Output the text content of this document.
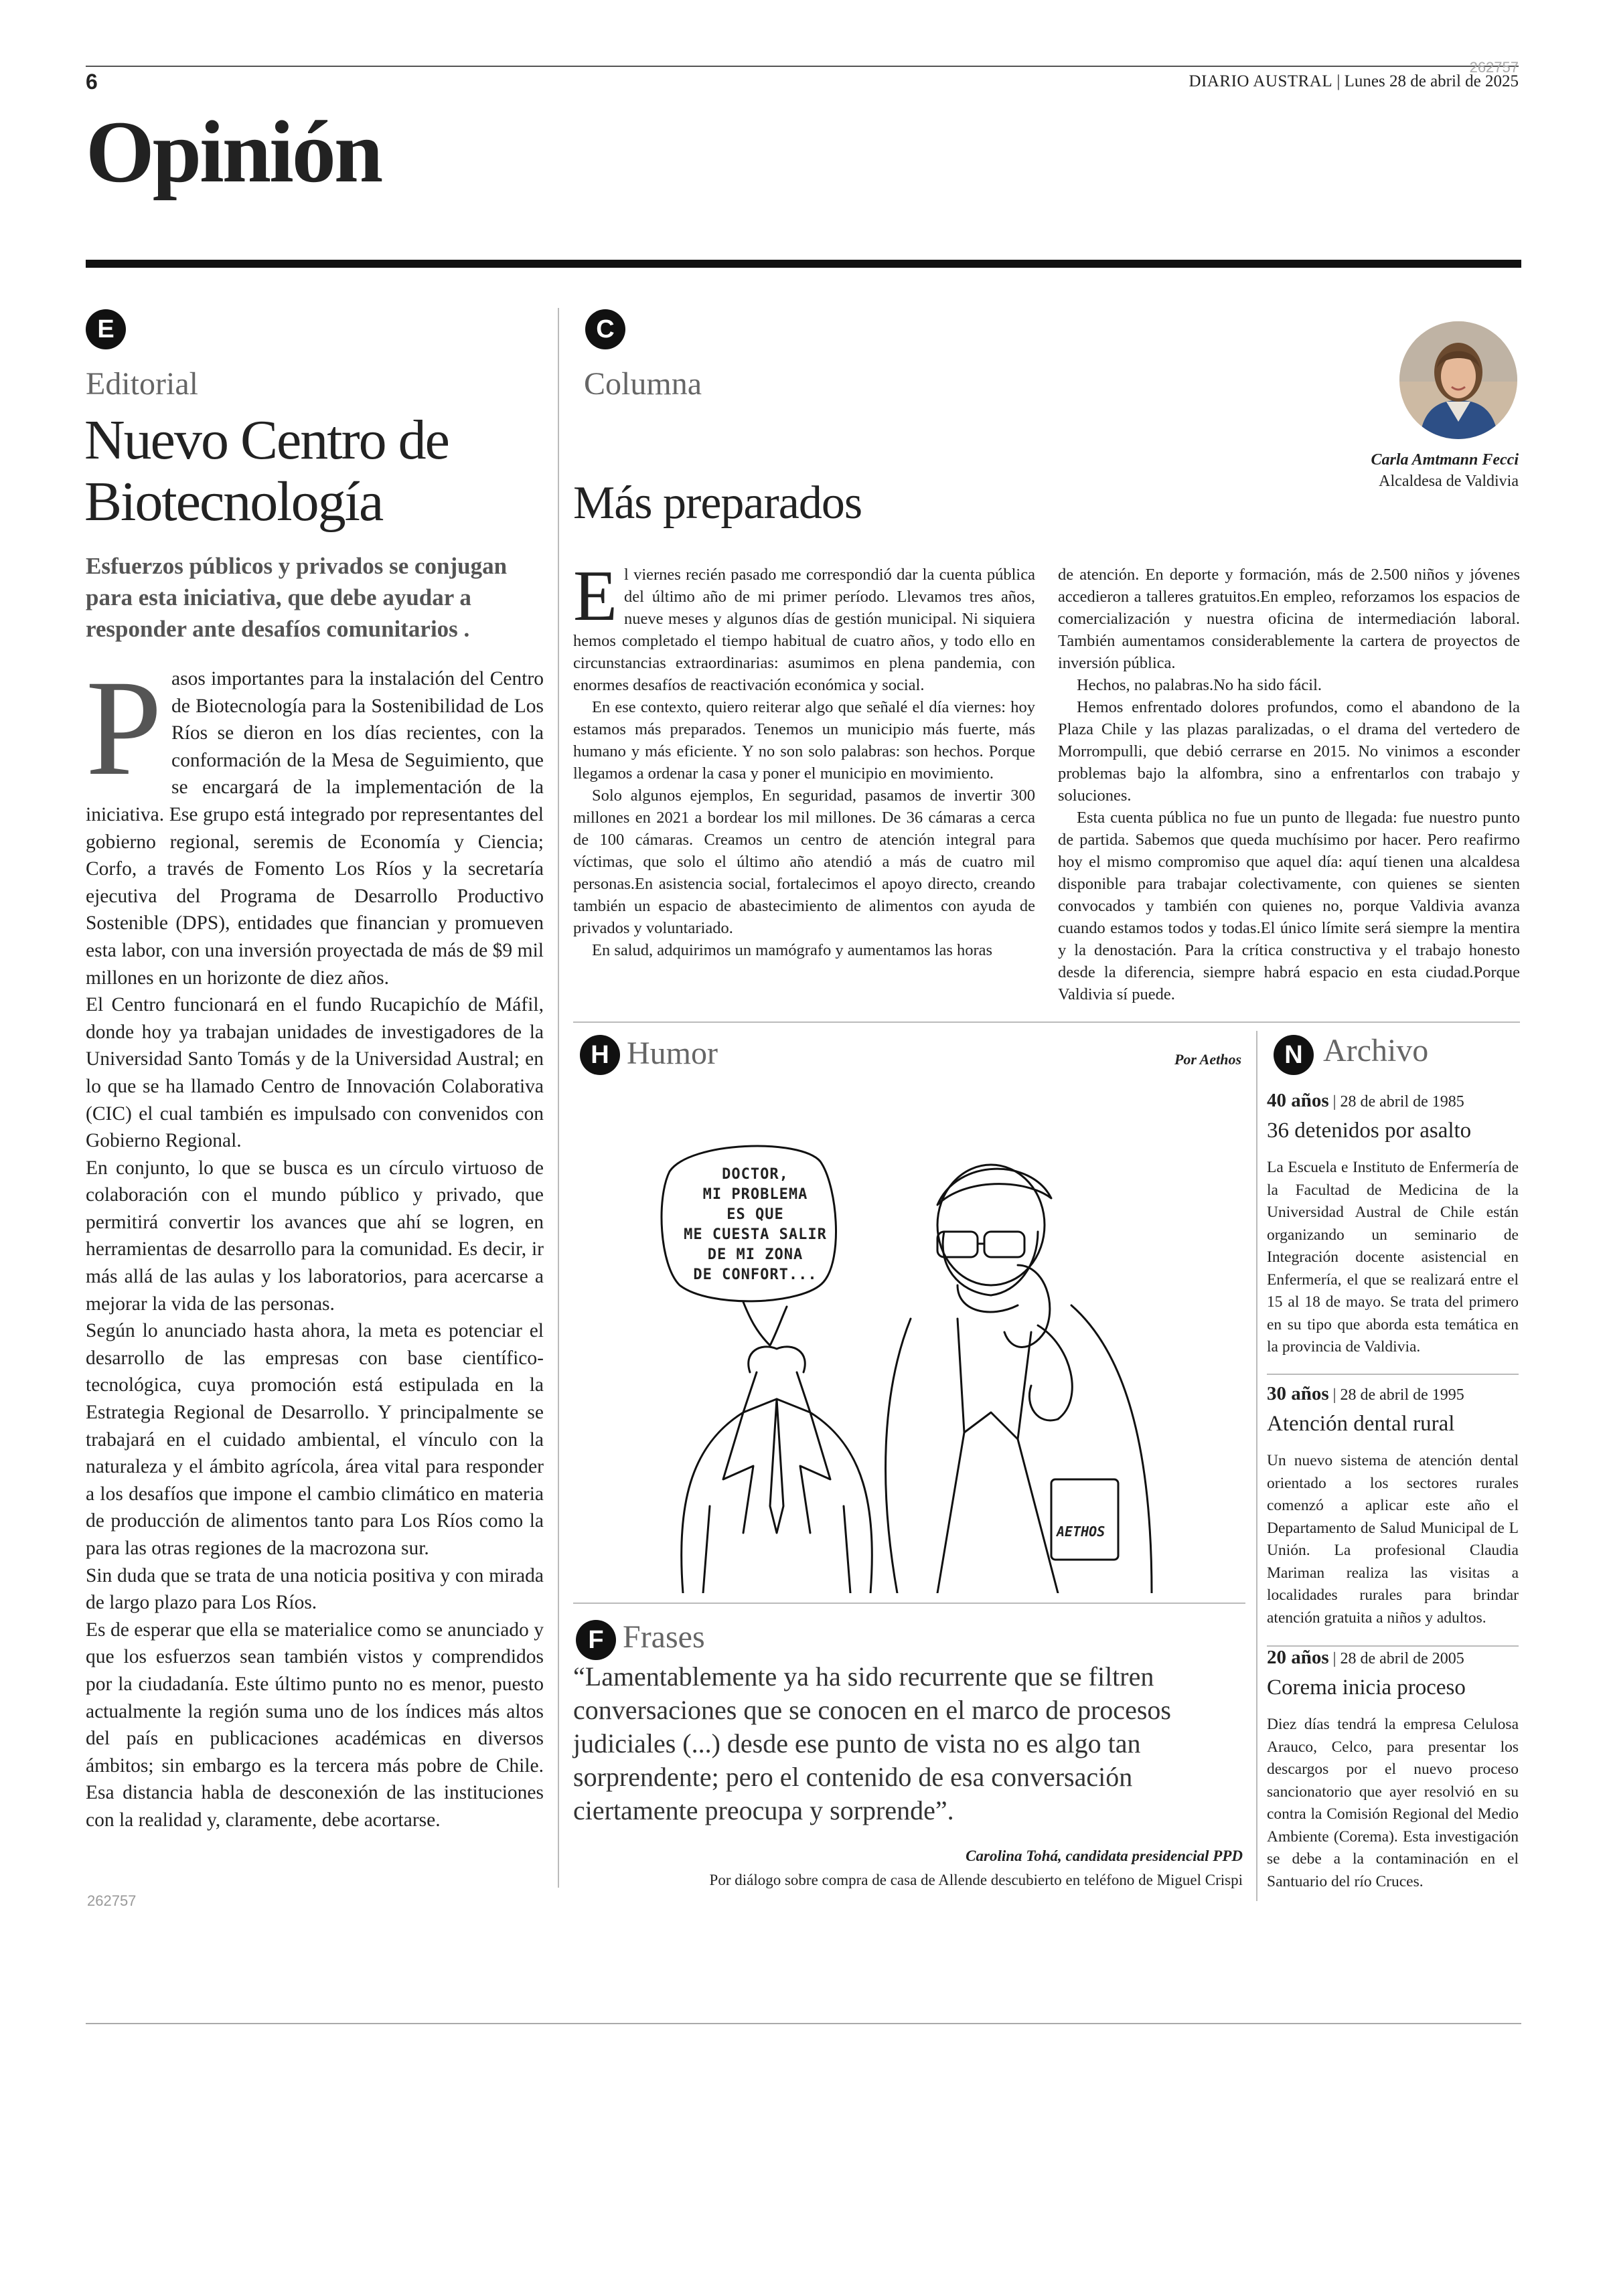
6
262757
DIARIO AUSTRAL | Lunes 28 de abril de 2025
Opinión
E
Editorial
Nuevo Centro de
Biotecnología
Esfuerzos públicos y privados se conjugan para esta iniciativa, que debe ayudar a responder ante desafíos comunitarios .

Pasos importantes para la instalación del Centro de Biotecnología para la Sostenibilidad de Los Ríos se dieron en los días recientes, con la conformación de la Mesa de Seguimiento, que se encargará de la implementación de la iniciativa. Ese grupo está integrado por representantes del gobierno regional, seremis de Economía y Ciencia; Corfo, a través de Fomento Los Ríos y la secretaría ejecutiva del Programa de Desarrollo Productivo Sostenible (DPS), entidades que financian y promueven esta labor, con una inversión proyectada de más de $9 mil millones en un horizonte de diez años.

El Centro funcionará en el fundo Rucapichío de Máfil, donde hoy ya trabajan unidades de investigadores de la Universidad Santo Tomás y de la Universidad Austral; en lo que se ha llamado Centro de Innovación Colaborativa (CIC) el cual también es impulsado con convenidos con Gobierno Regional.

En conjunto, lo que se busca es un círculo virtuoso de colaboración con el mundo público y privado, que permitirá convertir los avances que ahí se logren, en herramientas de desarrollo para la comunidad. Es decir, ir más allá de las aulas y los laboratorios, para acercarse a mejorar la vida de las personas.

Según lo anunciado hasta ahora, la meta es potenciar el desarrollo de las empresas con base científico-tecnológica, cuya promoción está estipulada en la Estrategia Regional de Desarrollo. Y principalmente se trabajará en el cuidado ambiental, el vínculo con la naturaleza y el ámbito agrícola, área vital para responder a los desafíos que impone el cambio climático en materia de producción de alimentos tanto para Los Ríos como la para las otras regiones de la macrozona sur.

Sin duda que se trata de una noticia positiva y con mirada de largo plazo para Los Ríos.

Es de esperar que ella se materialice como se anunciado y que los esfuerzos sean también vistos y comprendidos por la ciudadanía. Este último punto no es menor, puesto actualmente la región suma uno de los índices más altos del país en publicaciones académicas en diversos ámbitos; sin embargo es la tercera más pobre de Chile. Esa distancia habla de desconexión de las instituciones con la realidad y, claramente, debe acortarse.

262757
C
Columna
Más preparados
Carla Amtmann Fecci
Alcaldesa de Valdivia

El viernes recién pasado me correspondió dar la cuenta pública del último año de mi primer período. Llevamos tres años, nueve meses y algunos días de gestión municipal. Ni siquiera hemos completado el tiempo habitual de cuatro años, y todo ello en circunstancias extraordinarias: asumimos en plena pandemia, con enormes desafíos de reactivación económica y social.

En ese contexto, quiero reiterar algo que señalé el día viernes: hoy estamos más preparados. Tenemos un municipio más fuerte, más humano y más eficiente. Y no son solo palabras: son hechos. Porque llegamos a ordenar la casa y poner el municipio en movimiento.

Solo algunos ejemplos, En seguridad, pasamos de invertir 300 millones en 2021 a bordear los mil millones. De 36 cámaras a cerca de 100 cámaras. Creamos un centro de atención integral para víctimas, que solo el último año atendió a más de cuatro mil personas.En asistencia social, fortalecimos el apoyo directo, creando también un espacio de abastecimiento de alimentos con ayuda de privados y voluntariado.

En salud, adquirimos un mamógrafo y aumentamos las horas

de atención. En deporte y formación, más de 2.500 niños y jóvenes accedieron a talleres gratuitos.En empleo, reforzamos los espacios de comercialización y nuestra oficina de intermediación laboral. También aumentamos considerablemente la cartera de proyectos de inversión pública.

Hechos, no palabras.No ha sido fácil.

Hemos enfrentado dolores profundos, como el abandono de la Plaza Chile y las plazas paralizadas, o el drama del vertedero de Morrompulli, que debió cerrarse en 2015. No vinimos a esconder problemas bajo la alfombra, sino a enfrentarlos con trabajo y soluciones.

Esta cuenta pública no fue un punto de llegada: fue nuestro punto de partida. Sabemos que queda muchísimo por hacer. Pero reafirmo hoy el mismo compromiso que aquel día: aquí tienen una alcaldesa disponible para trabajar colectivamente, con quienes se sienten convocados y también con quienes no, porque Valdivia avanza cuando estamos todos y todas.El único límite será siempre la mentira y la denostación. Para la crítica constructiva y el trabajo honesto desde la diferencia, siempre habrá espacio en esta ciudad.Porque Valdivia sí puede.

H Humor	Por Aethos
DOCTOR,
MI PROBLEMA
ES QUE
ME CUESTA SALIR
DE MI ZONA
DE CONFORT...
AETHOS
F Frases
“Lamentablemente ya ha sido recurrente que se filtren conversaciones que se conocen en el marco de procesos judiciales (...) desde ese punto de vista no es algo tan sorprendente; pero el contenido de esa conversación ciertamente preocupa y sorprende”.
Carolina Tohá, candidata presidencial PPD
Por diálogo sobre compra de casa de Allende descubierto en teléfono de Miguel Crispi
N Archivo
40 años | 28 de abril de 1985
36 detenidos por asalto
La Escuela e Instituto de Enfermería de la Facultad de Medicina de la Universidad Austral de Chile están organizando un seminario de Integración docente asistencial en Enfermería, el que se realizará entre el 15 al 18 de mayo. Se trata del primero en su tipo que aborda esta temática en la provincia de Valdivia.
30 años | 28 de abril de 1995
Atención dental rural
Un nuevo sistema de atención dental orientado a los sectores rurales comenzó a aplicar este año el Departamento de Salud Municipal de L Unión. La profesional Claudia Mariman realiza las visitas a localidades rurales para brindar atención gratuita a niños y adultos.
20 años | 28 de abril de 2005
Corema inicia proceso
Diez días tendrá la empresa Celulosa Arauco, Celco, para presentar los descargos por el nuevo proceso sancionatorio que ayer resolvió en su contra la Comisión Regional del Medio Ambiente (Corema). Esta investigación se debe a la contaminación en el Santuario del río Cruces.
